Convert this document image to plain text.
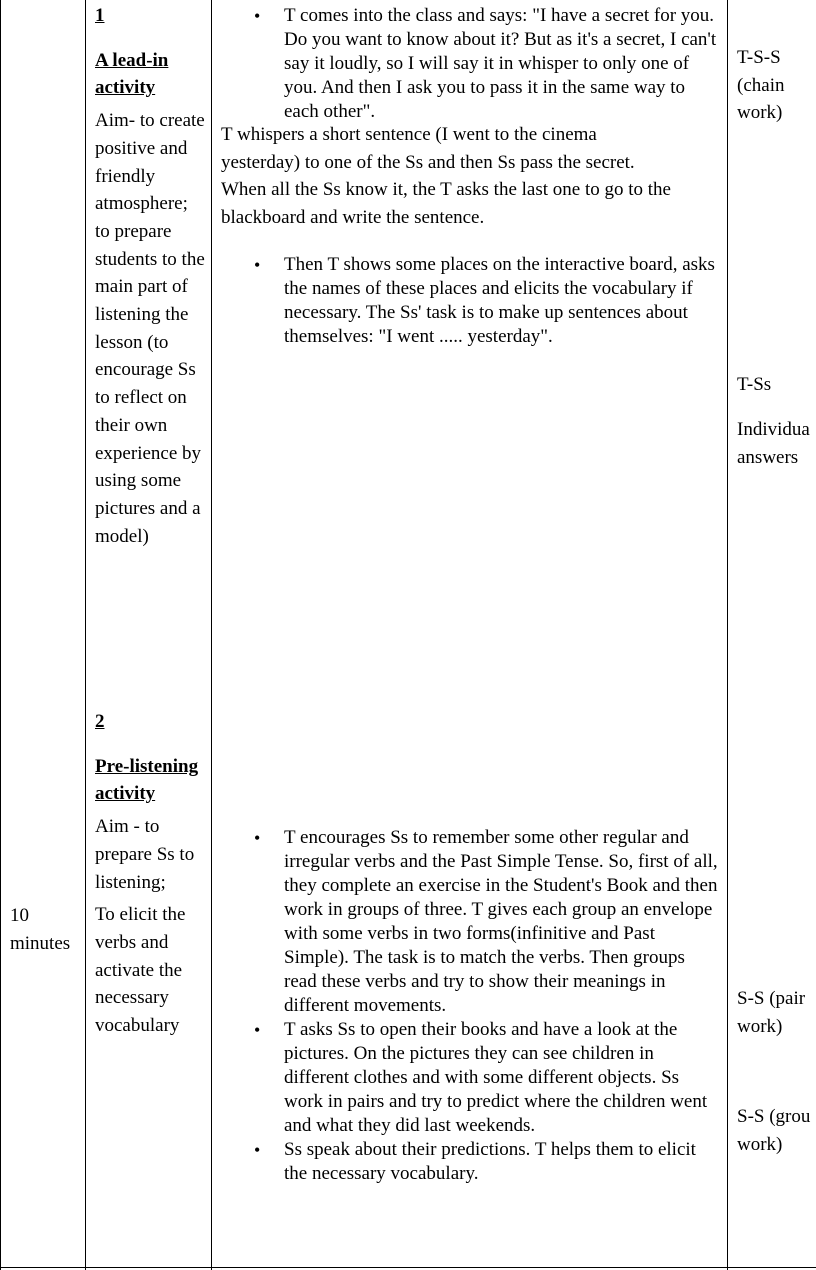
10 minutes

1

A lead-in activity

Aim- to create positive and friendly atmosphere; to prepare students to the main part of listening the lesson (to encourage Ss to reflect on their own experience by using some pictures and a model)

2

Pre-listening activity

Aim - to prepare Ss to listening;

To elicit the verbs and activate the necessary vocabulary

• T comes into the class and says: "I have a secret for you. Do you want to know about it? But as it's a secret, I can't say it loudly, so I will say it in whisper to only one of you. And then I ask you to pass it in the same way to each other".
T whispers a short sentence (I went to the cinema
yesterday) to one of the Ss and then Ss pass the secret.
When all the Ss know it, the T asks the last one to go to the
blackboard and write the sentence.
• Then T shows some places on the interactive board, asks the names of these places and elicits the vocabulary if necessary. The Ss' task is to make up sentences about themselves: "I went ..... yesterday".
• T encourages Ss to remember some other regular and irregular verbs and the Past Simple Tense. So, first of all, they complete an exercise in the Student's Book and then work in groups of three. T gives each group an envelope with some verbs in two forms(infinitive and Past Simple). The task is to match the verbs. Then groups read these verbs and try to show their meanings in different movements.
• T asks Ss to open their books and have a look at the pictures. On the pictures they can see children in different clothes and with some different objects. Ss work in pairs and try to predict where the children went and what they did last weekends.
• Ss speak about their predictions. T helps them to elicit the necessary vocabulary.
T-S-S (chain work)
T-Ss
Individua answers
S-S (pair work)
S-S (grou work)
